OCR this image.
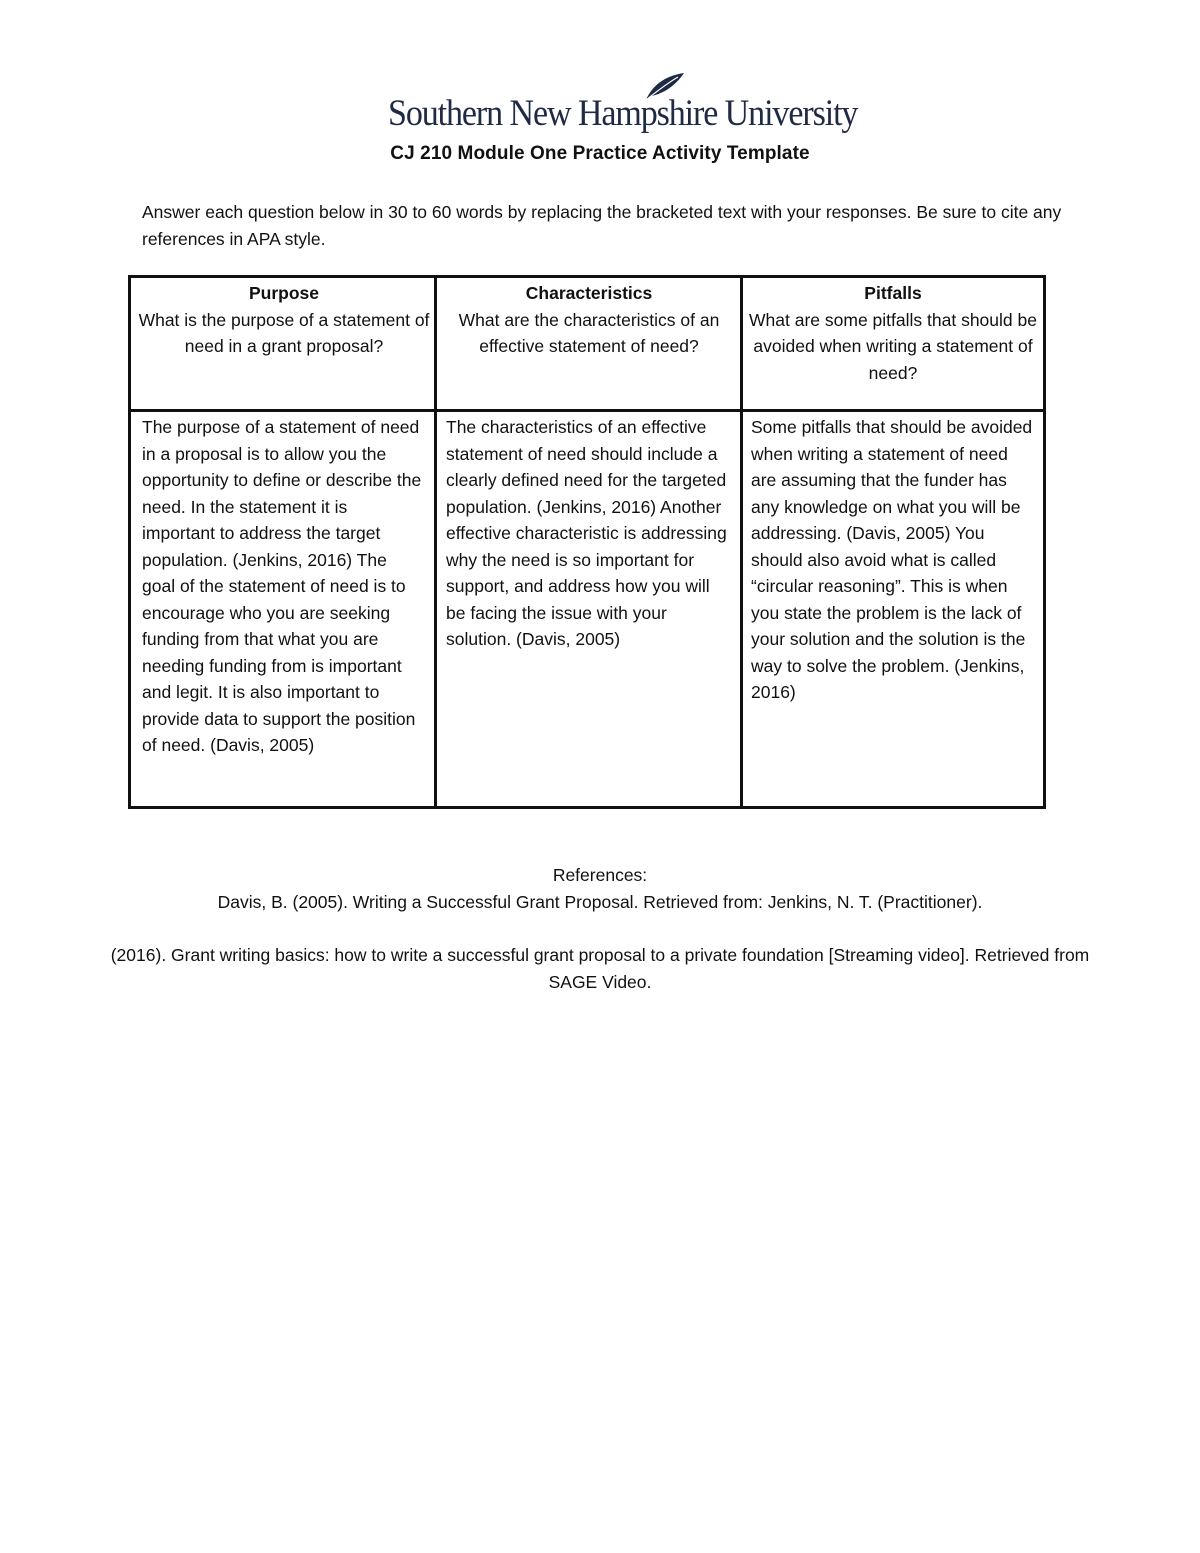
Southern New Hampshire University
CJ 210 Module One Practice Activity Template
Answer each question below in 30 to 60 words by replacing the bracketed text with your responses. Be sure to cite any references in APA style.
Purpose
What is the purpose of a statement of need in a grant proposal?
Characteristics
What are the characteristics of an effective statement of need?
Pitfalls
What are some pitfalls that should be avoided when writing a statement of need?
The purpose of a statement of need in a proposal is to allow you the opportunity to define or describe the need. In the statement it is important to address the target population. (Jenkins, 2016) The goal of the statement of need is to encourage who you are seeking funding from that what you are needing funding from is important and legit. It is also important to provide data to support the position of need. (Davis, 2005)
The characteristics of an effective statement of need should include a clearly defined need for the targeted population. (Jenkins, 2016) Another effective characteristic is addressing why the need is so important for support, and address how you will be facing the issue with your solution. (Davis, 2005)
Some pitfalls that should be avoided when writing a statement of need are assuming that the funder has any knowledge on what you will be addressing. (Davis, 2005) You should also avoid what is called “circular reasoning”. This is when you state the problem is the lack of your solution and the solution is the way to solve the problem. (Jenkins, 2016)
References:
Davis, B. (2005). Writing a Successful Grant Proposal. Retrieved from: Jenkins, N. T. (Practitioner).
(2016). Grant writing basics: how to write a successful grant proposal to a private foundation [Streaming video]. Retrieved from SAGE Video.
